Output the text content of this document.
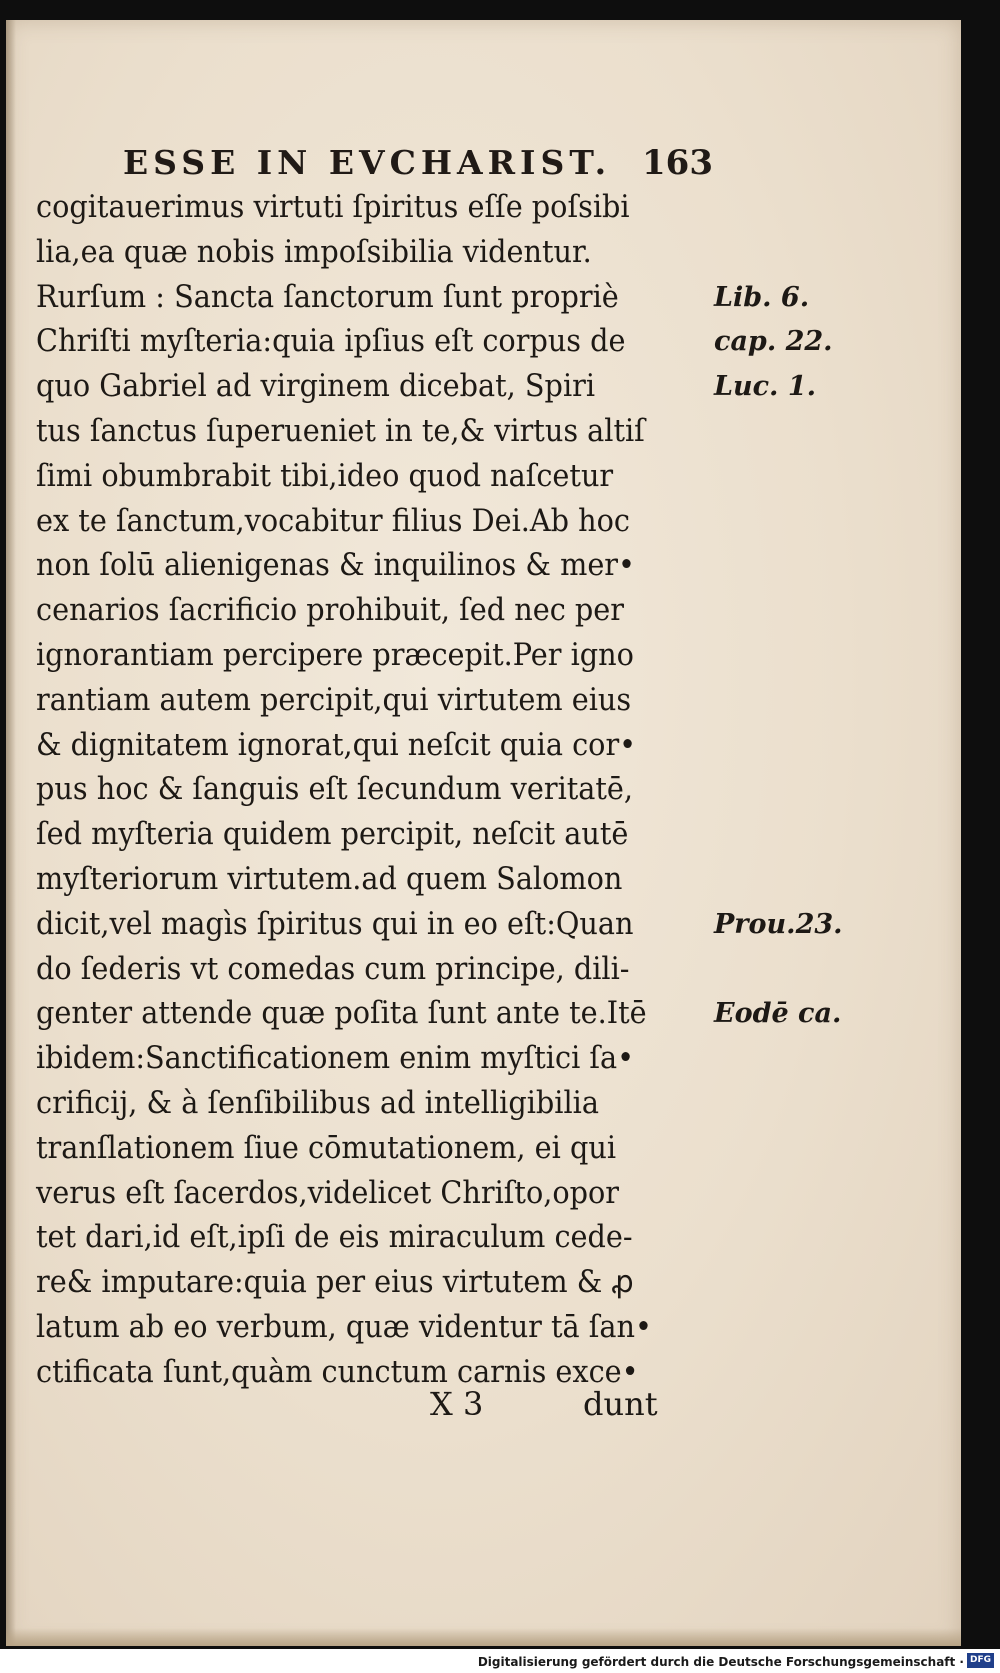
ESSE IN EVCHARIST. 163
cogitauerimus virtuti ſpiritus eſſe poſsibi
lia,ea quæ nobis impoſsibilia videntur.
Rurſum : Sancta ſanctorum ſunt propriè
Chriſti myſteria:quia ipſius eſt corpus de
quo Gabriel ad virginem dicebat, Spiri
tus ſanctus ſuperueniet in te,& virtus altiſ
ſimi obumbrabit tibi,ideo quod naſcetur
ex te ſanctum,vocabitur filius Dei.Ab hoc
non ſolū alienigenas & inquilinos & mer•
cenarios ſacrificio prohibuit, ſed nec per
ignorantiam percipere præcepit.Per igno
rantiam autem percipit,qui virtutem eius
& dignitatem ignorat,qui neſcit quia cor•
pus hoc & ſanguis eſt ſecundum veritatē,
ſed myſteria quidem percipit, neſcit autē
myſteriorum virtutem.ad quem Salomon
dicit,vel magìs ſpiritus qui in eo eſt:Quan
do ſederis vt comedas cum principe, dili-
genter attende quæ poſita ſunt ante te.Itē
ibidem:Sanctificationem enim myſtici ſa•
crificij, & à ſenſibilibus ad intelligibilia
tranſlationem ſiue cōmutationem, ei qui
verus eſt ſacerdos,videlicet Chriſto,opor
tet dari,id eſt,ipſi de eis miraculum cede-
re& imputare:quia per eius virtutem & ꝓ
latum ab eo verbum, quæ videntur tā ſan•
ctificata ſunt,quàm cunctum carnis exce•
Lib. 6.
cap. 22.
Luc. 1.
Prou.23.
Eodē ca.
X 3	dunt
Digitalisierung gefördert durch die Deutsche Forschungsgemeinschaft · DFG
